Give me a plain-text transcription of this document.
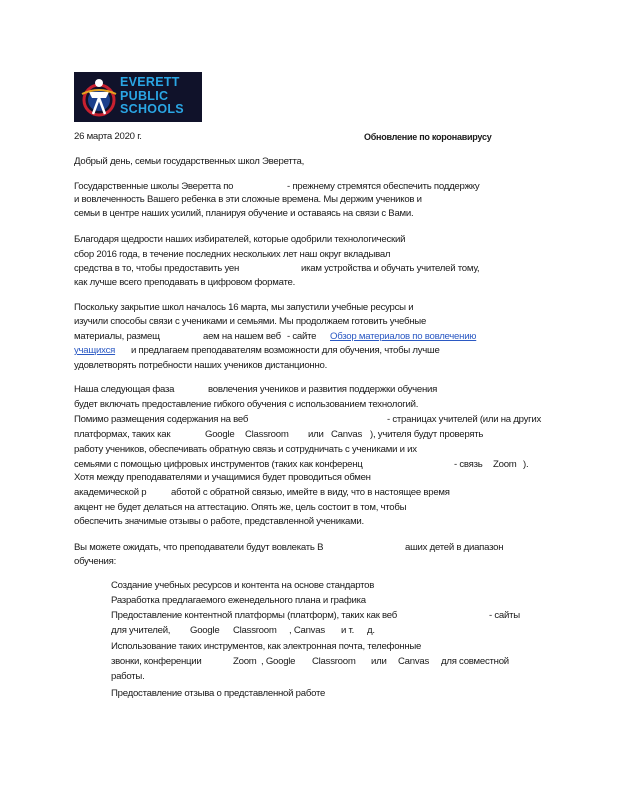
EVERETT
PUBLIC
SCHOOLS
26 марта 2020 г.	Обновление по коронавирусу
Добрый день, семьи государственных школ Эверетта,
Государственные школы Эверетта по	- прежнему стремятся обеспечить поддержку
и вовлеченность Вашего ребенка в эти сложные времена. Мы держим учеников и
семьи в центре наших усилий, планируя обучение и оставаясь на связи с Вами.
Благодаря щедрости наших избирателей, которые одобрили технологический
сбор 2016 года, в течение последних нескольких лет наш округ вкладывал
средства в то, чтобы предоставить уен	икам устройства и обучать учителей тому,
как лучше всего преподавать в цифровом формате.
Поскольку закрытие школ началось 16 марта, мы запустили учебные ресурсы и
изучили способы связи с учениками и семьями. Мы продолжаем готовить учебные
материалы, размещ	аем на нашем веб - сайте Обзор материалов по вовлечению
учащихся	и предлагаем преподавателям возможности для обучения, чтобы лучше
удовлетворять потребности наших учеников дистанционно.
Наша следующая фаза	вовлечения учеников и развития поддержки обучения
будет включать предоставление гибкого обучения с использованием технологий.
Помимо размещения содержания на веб	- страницах учителей (или на других
платформах, таких как	Google Classroom или Canvas ), учителя будут проверять
работу учеников, обеспечивать обратную связь и сотрудничать с учениками и их
семьями с помощью цифровых инструментов (таких как конференц	- связь Zoom ).
Хотя между преподавателями и учащимися будет проводиться обмен
академической р	аботой с обратной связью, имейте в виду, что в настоящее время
акцент не будет делаться на аттестацию. Опять же, цель состоит в том, чтобы
обеспечить значимые отзывы о работе, представленной учениками.
Вы можете ожидать, что преподаватели будут вовлекать В	аших детей в диапазон
обучения:
Создание учебных ресурсов и контента на основе стандартов
Разработка предлагаемого еженедельного плана и графика
Предоставление контентной платформы (платформ), таких как веб	- сайты
для учителей, Google Classroom , Canvas и т. д.
Использование таких инструментов, как электронная почта, телефонные
звонки, конференции	Zoom , Google Classroom или Canvas для совместной
работы.
Предоставление отзыва о представленной работе
